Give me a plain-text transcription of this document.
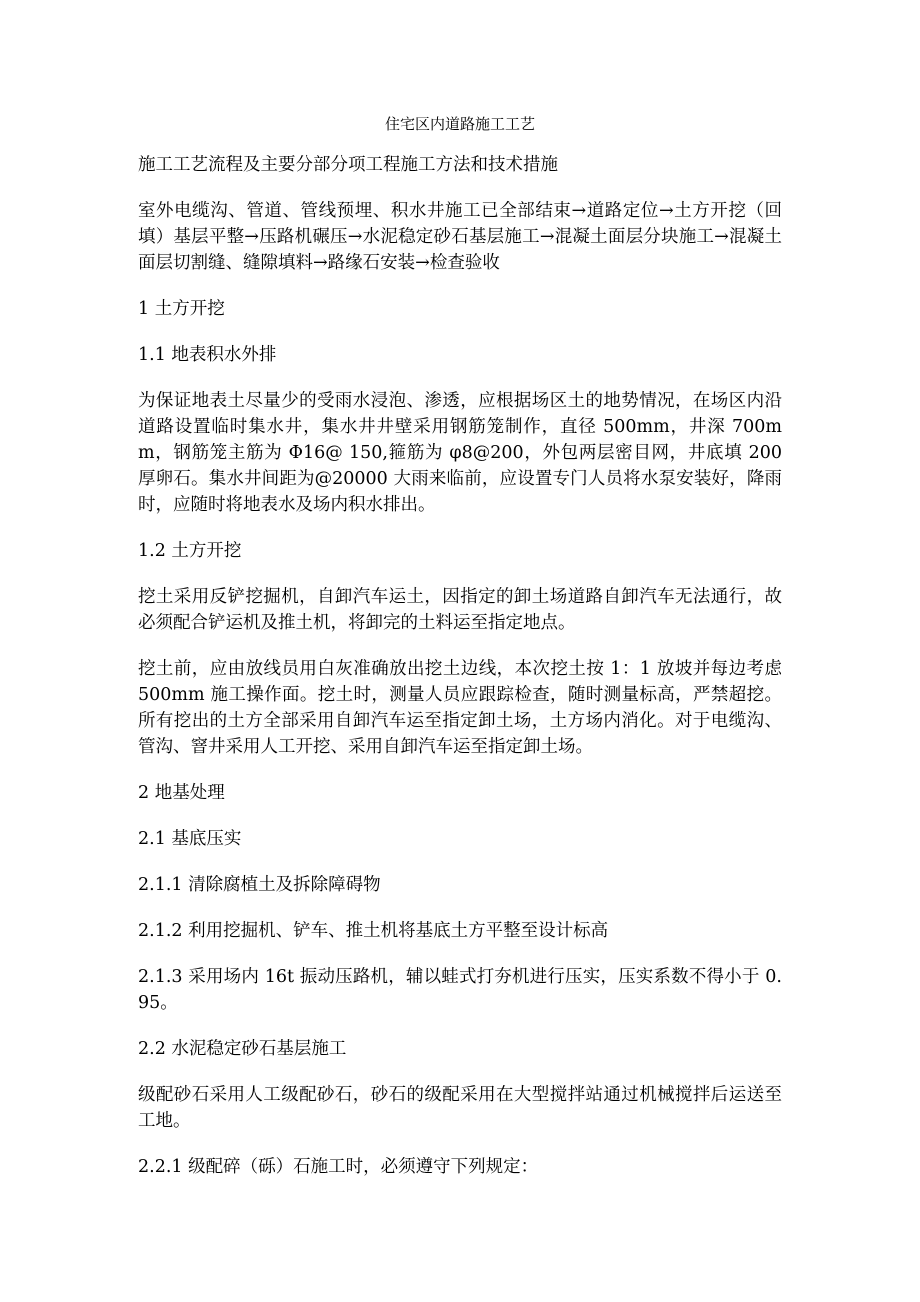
住宅区内道路施工工艺

施工工艺流程及主要分部分项工程施工方法和技术措施

室外电缆沟、管道、管线预埋、积水井施工已全部结束→道路定位→土方开挖（回填）基层平整→压路机碾压→水泥稳定砂石基层施工→混凝土面层分块施工→混凝土面层切割缝、缝隙填料→路缘石安装→检查验收

1 土方开挖

1.1 地表积水外排

为保证地表土尽量少的受雨水浸泡、渗透，应根据场区土的地势情况，在场区内沿道路设置临时集水井，集水井井壁采用钢筋笼制作，直径 500mm，井深 700mm，钢筋笼主筋为 Φ16@ 150,箍筋为 φ8@200，外包两层密目网，井底填 200 厚卵石。集水井间距为@20000 大雨来临前，应设置专门人员将水泵安装好，降雨时，应随时将地表水及场内积水排出。

1.2 土方开挖

挖土采用反铲挖掘机，自卸汽车运土，因指定的卸土场道路自卸汽车无法通行，故必须配合铲运机及推土机，将卸完的土料运至指定地点。

挖土前，应由放线员用白灰准确放出挖土边线，本次挖土按 1：1 放坡并每边考虑 500mm 施工操作面。挖土时，测量人员应跟踪检查，随时测量标高，严禁超挖。所有挖出的土方全部采用自卸汽车运至指定卸土场，土方场内消化。对于电缆沟、管沟、窨井采用人工开挖、采用自卸汽车运至指定卸土场。

2 地基处理

2.1 基底压实

2.1.1 清除腐植土及拆除障碍物

2.1.2 利用挖掘机、铲车、推土机将基底土方平整至设计标高

2.1.3 采用场内 16t 振动压路机，辅以蛙式打夯机进行压实，压实系数不得小于 0.95。

2.2 水泥稳定砂石基层施工

级配砂石采用人工级配砂石，砂石的级配采用在大型搅拌站通过机械搅拌后运送至工地。

2.2.1 级配碎（砾）石施工时，必须遵守下列规定：
